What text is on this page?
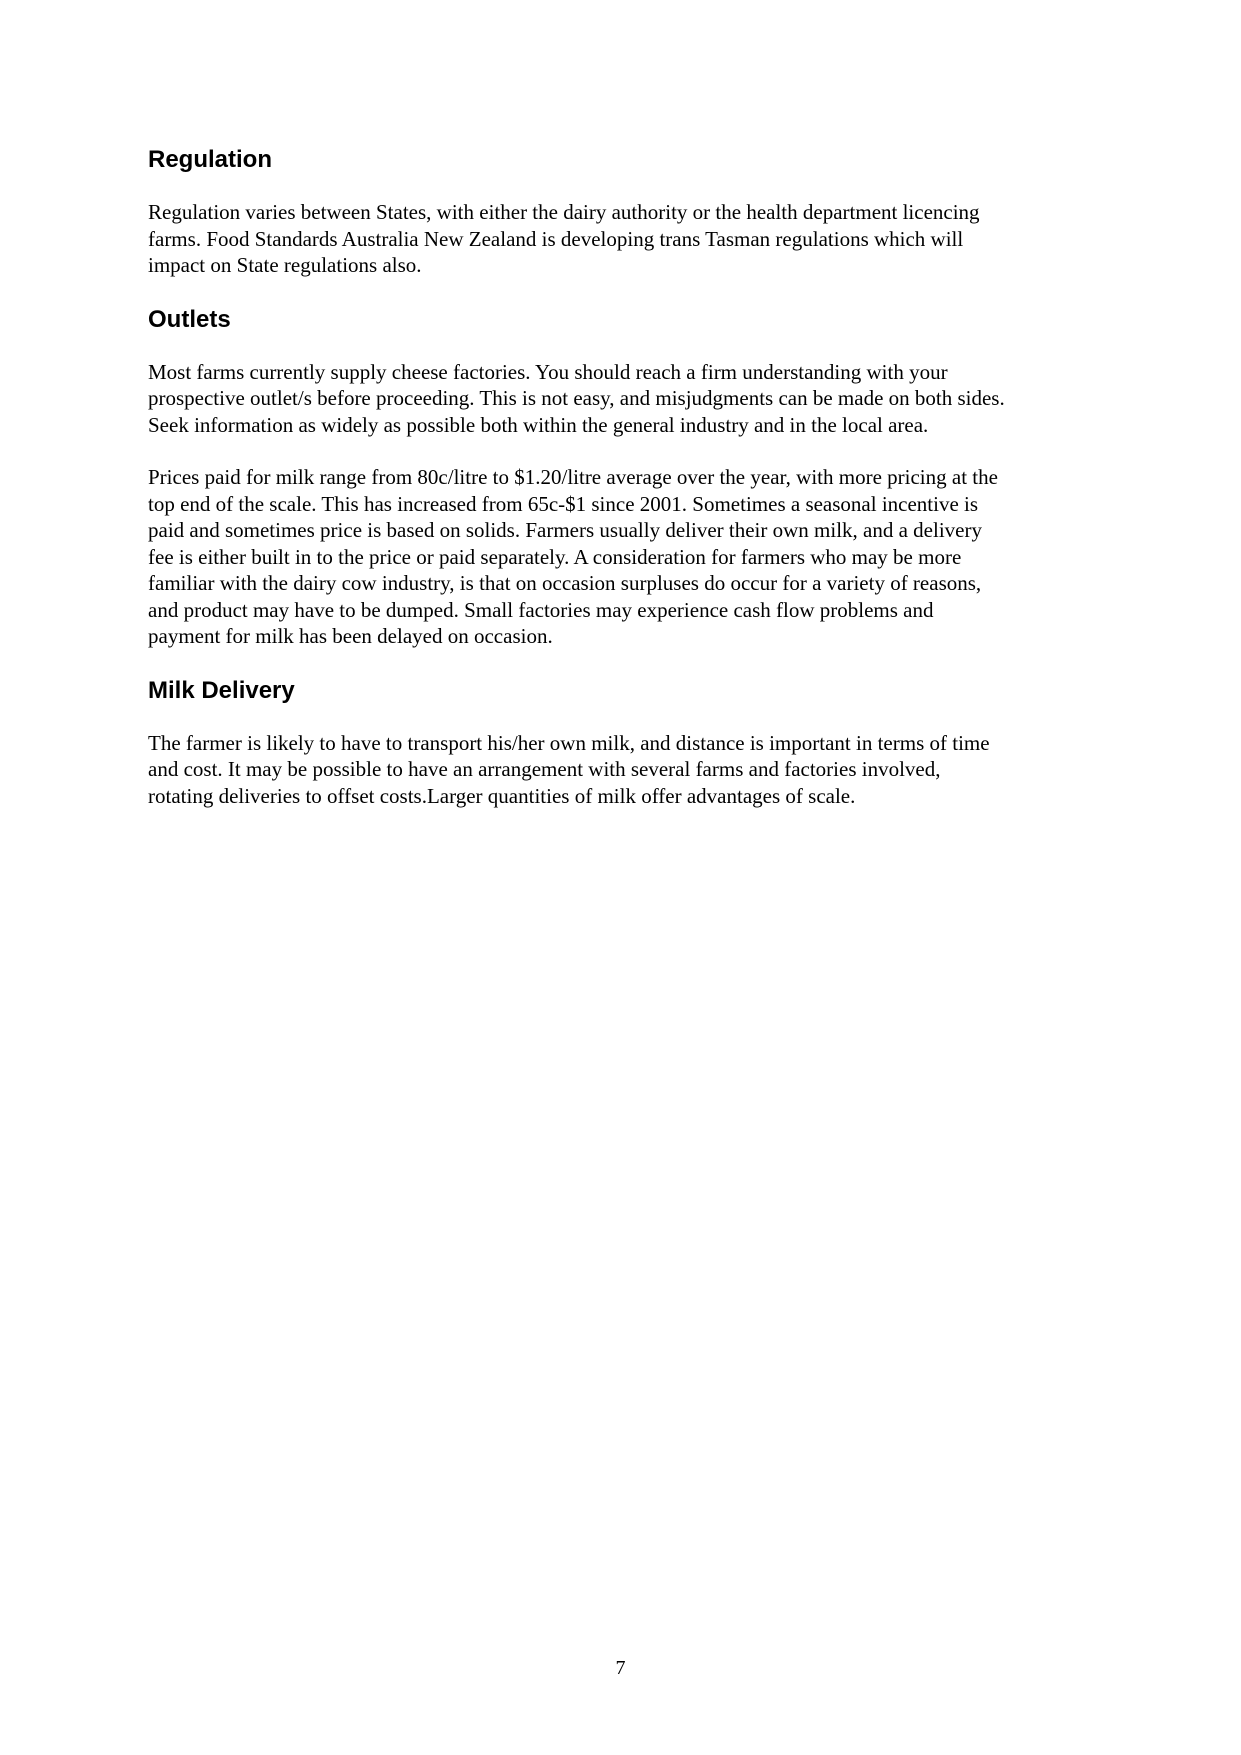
Regulation

Regulation varies between States, with either the dairy authority or the health department licencing
farms. Food Standards Australia New Zealand is developing trans Tasman regulations which will
impact on State regulations also.

Outlets

Most farms currently supply cheese factories. You should reach a firm understanding with your
prospective outlet/s before proceeding. This is not easy, and misjudgments can be made on both sides.
Seek information as widely as possible both within the general industry and in the local area.

Prices paid for milk range from 80c/litre to $1.20/litre average over the year, with more pricing at the
top end of the scale. This has increased from 65c-$1 since 2001. Sometimes a seasonal incentive is
paid and sometimes price is based on solids. Farmers usually deliver their own milk, and a delivery
fee is either built in to the price or paid separately. A consideration for farmers who may be more
familiar with the dairy cow industry, is that on occasion surpluses do occur for a variety of reasons,
and product may have to be dumped. Small factories may experience cash flow problems and
payment for milk has been delayed on occasion.

Milk Delivery

The farmer is likely to have to transport his/her own milk, and distance is important in terms of time
and cost. It may be possible to have an arrangement with several farms and factories involved,
rotating deliveries to offset costs.Larger quantities of milk offer advantages of scale.

7
